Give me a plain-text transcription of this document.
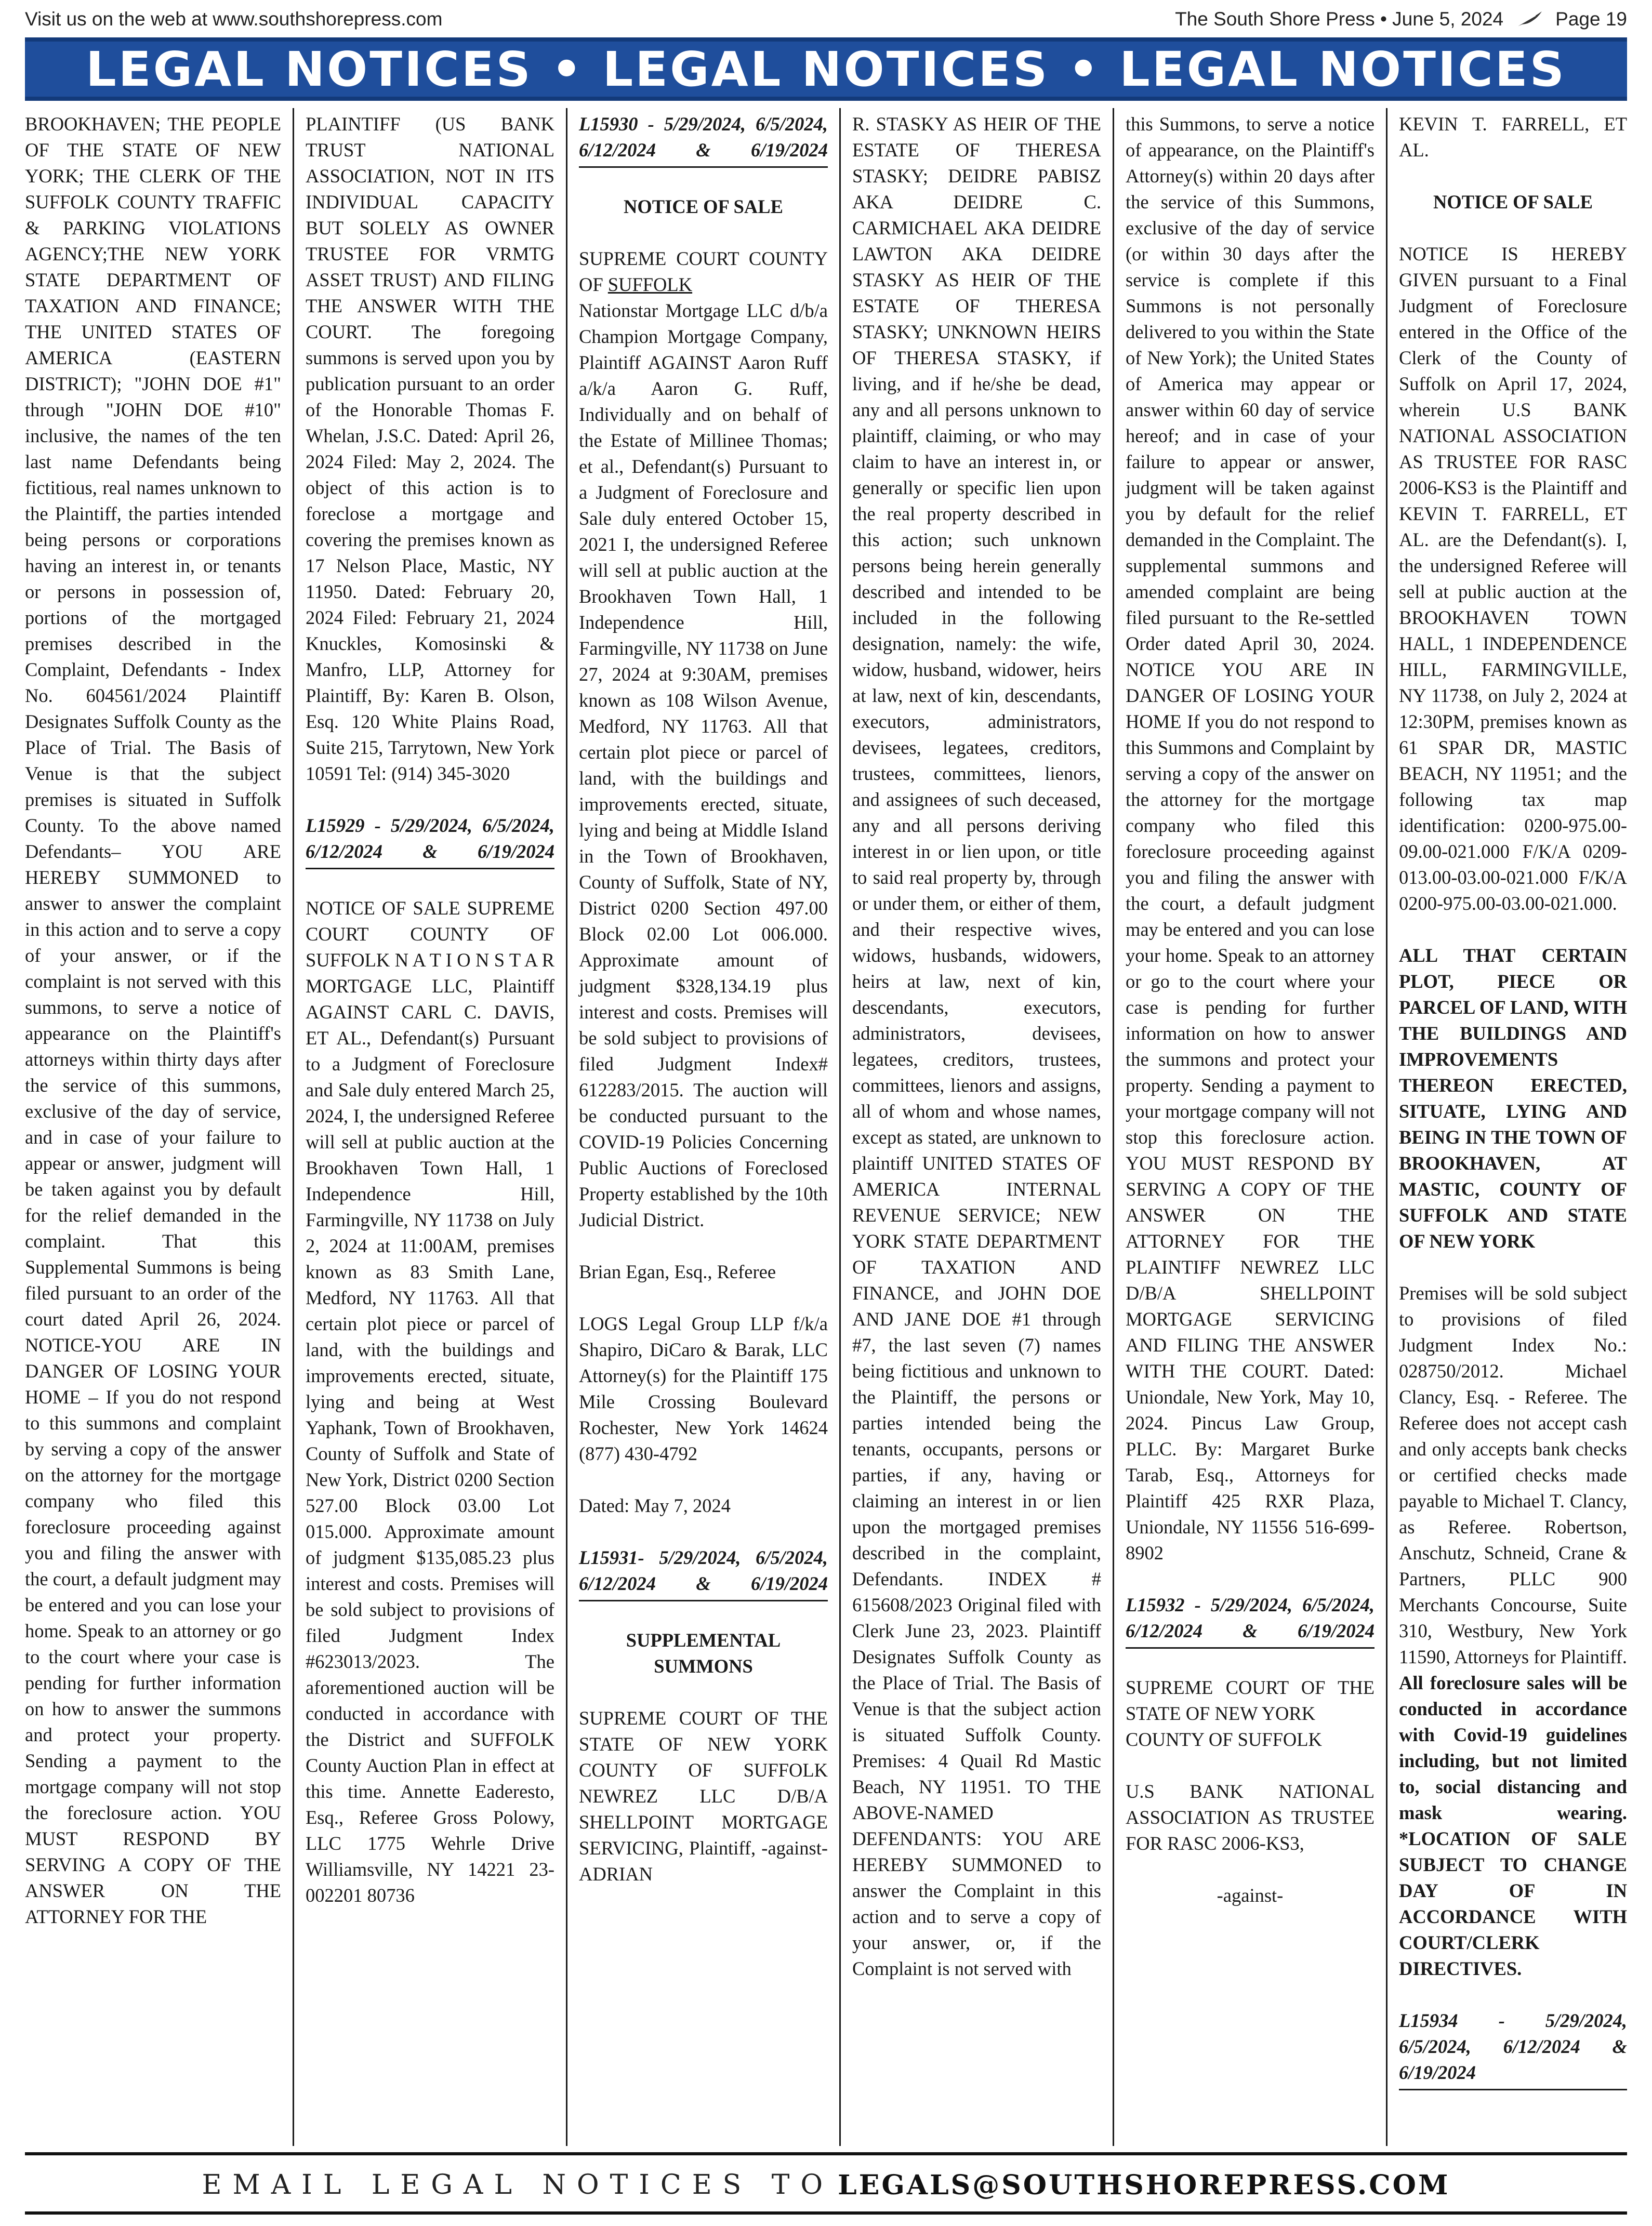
Visit us on the web at www.southshorepress.com	The South Shore Press • June 5, 2024	Page 19
LEGAL NOTICES • LEGAL NOTICES • LEGAL NOTICES

BROOKHAVEN; THE PEOPLE OF THE STATE OF NEW YORK; THE CLERK OF THE SUFFOLK COUNTY TRAFFIC & PARKING VIOLATIONS AGENCY;THE NEW YORK STATE DEPARTMENT OF TAXATION AND FINANCE; THE UNITED STATES OF AMERICA (EASTERN DISTRICT); "JOHN DOE #1" through "JOHN DOE #10" inclusive, the names of the ten last name Defendants being fictitious, real names unknown to the Plaintiff, the parties intended being persons or corporations having an interest in, or tenants or persons in possession of, portions of the mortgaged premises described in the Complaint, Defendants - Index No. 604561/2024 Plaintiff Designates Suffolk County as the Place of Trial. The Basis of Venue is that the subject premises is situated in Suffolk County. To the above named Defendants– YOU ARE HEREBY SUMMONED to answer to answer the complaint in this action and to serve a copy of your answer, or if the complaint is not served with this summons, to serve a notice of appearance on the Plaintiff's attorneys within thirty days after the service of this summons, exclusive of the day of service, and in case of your failure to appear or answer, judgment will be taken against you by default for the relief demanded in the complaint. That this Supplemental Summons is being filed pursuant to an order of the court dated April 26, 2024. NOTICE-YOU ARE IN DANGER OF LOSING YOUR HOME – If you do not respond to this summons and complaint by serving a copy of the answer on the attorney for the mortgage company who filed this foreclosure proceeding against you and filing the answer with the court, a default judgment may be entered and you can lose your home. Speak to an attorney or go to the court where your case is pending for further information on how to answer the summons and protect your property. Sending a payment to the mortgage company will not stop the foreclosure action. YOU MUST RESPOND BY SERVING A COPY OF THE ANSWER ON THE ATTORNEY FOR THE

PLAINTIFF (US BANK TRUST NATIONAL ASSOCIATION, NOT IN ITS INDIVIDUAL CAPACITY BUT SOLELY AS OWNER TRUSTEE FOR VRMTG ASSET TRUST) AND FILING THE ANSWER WITH THE COURT. The foregoing summons is served upon you by publication pursuant to an order of the Honorable Thomas F. Whelan, J.S.C. Dated: April 26, 2024 Filed: May 2, 2024. The object of this action is to foreclose a mortgage and covering the premises known as 17 Nelson Place, Mastic, NY 11950. Dated: February 20, 2024 Filed: February 21, 2024 Knuckles, Komosinski & Manfro, LLP, Attorney for Plaintiff, By: Karen B. Olson, Esq. 120 White Plains Road, Suite 215, Tarrytown, New York 10591 Tel: (914) 345-3020

L15929 - 5/29/2024, 6/5/2024, 6/12/2024 & 6/19/2024

NOTICE OF SALE SUPREME COURT COUNTY OF SUFFOLK N A T I O N S T A R MORTGAGE LLC, Plaintiff AGAINST CARL C. DAVIS, ET AL., Defendant(s) Pursuant to a Judgment of Foreclosure and Sale duly entered March 25, 2024, I, the undersigned Referee will sell at public auction at the Brookhaven Town Hall, 1 Independence Hill, Farmingville, NY 11738 on July 2, 2024 at 11:00AM, premises known as 83 Smith Lane, Medford, NY 11763. All that certain plot piece or parcel of land, with the buildings and improvements erected, situate, lying and being at West Yaphank, Town of Brookhaven, County of Suffolk and State of New York, District 0200 Section 527.00 Block 03.00 Lot 015.000. Approximate amount of judgment $135,085.23 plus interest and costs. Premises will be sold subject to provisions of filed Judgment Index #623013/2023. The aforementioned auction will be conducted in accordance with the District and SUFFOLK County Auction Plan in effect at this time. Annette Eaderesto, Esq., Referee Gross Polowy, LLC 1775 Wehrle Drive Williamsville, NY 14221 23-002201 80736

L15930 - 5/29/2024, 6/5/2024, 6/12/2024 & 6/19/2024

NOTICE OF SALE

SUPREME COURT COUNTY OF SUFFOLK

Nationstar Mortgage LLC d/b/a Champion Mortgage Company, Plaintiff AGAINST Aaron Ruff a/k/a Aaron G. Ruff, Individually and on behalf of the Estate of Millinee Thomas; et al., Defendant(s) Pursuant to a Judgment of Foreclosure and Sale duly entered October 15, 2021 I, the undersigned Referee will sell at public auction at the Brookhaven Town Hall, 1 Independence Hill, Farmingville, NY 11738 on June 27, 2024 at 9:30AM, premises known as 108 Wilson Avenue, Medford, NY 11763. All that certain plot piece or parcel of land, with the buildings and improvements erected, situate, lying and being at Middle Island in the Town of Brookhaven, County of Suffolk, State of NY, District 0200 Section 497.00 Block 02.00 Lot 006.000. Approximate amount of judgment $328,134.19 plus interest and costs. Premises will be sold subject to provisions of filed Judgment Index# 612283/2015. The auction will be conducted pursuant to the COVID-19 Policies Concerning Public Auctions of Foreclosed Property established by the 10th Judicial District.

Brian Egan, Esq., Referee

LOGS Legal Group LLP f/k/a Shapiro, DiCaro & Barak, LLC Attorney(s) for the Plaintiff 175 Mile Crossing Boulevard Rochester, New York 14624 (877) 430-4792

Dated: May 7, 2024

L15931- 5/29/2024, 6/5/2024, 6/12/2024 & 6/19/2024

SUPPLEMENTAL SUMMONS

SUPREME COURT OF THE STATE OF NEW YORK COUNTY OF SUFFOLK NEWREZ LLC D/B/A SHELLPOINT MORTGAGE SERVICING, Plaintiff, -against- ADRIAN

R. STASKY AS HEIR OF THE ESTATE OF THERESA STASKY; DEIDRE PABISZ AKA DEIDRE C. CARMICHAEL AKA DEIDRE LAWTON AKA DEIDRE STASKY AS HEIR OF THE ESTATE OF THERESA STASKY; UNKNOWN HEIRS OF THERESA STASKY, if living, and if he/she be dead, any and all persons unknown to plaintiff, claiming, or who may claim to have an interest in, or generally or specific lien upon the real property described in this action; such unknown persons being herein generally described and intended to be included in the following designation, namely: the wife, widow, husband, widower, heirs at law, next of kin, descendants, executors, administrators, devisees, legatees, creditors, trustees, committees, lienors, and assignees of such deceased, any and all persons deriving interest in or lien upon, or title to said real property by, through or under them, or either of them, and their respective wives, widows, husbands, widowers, heirs at law, next of kin, descendants, executors, administrators, devisees, legatees, creditors, trustees, committees, lienors and assigns, all of whom and whose names, except as stated, are unknown to plaintiff UNITED STATES OF AMERICA INTERNAL REVENUE SERVICE; NEW YORK STATE DEPARTMENT OF TAXATION AND FINANCE, and JOHN DOE AND JANE DOE #1 through #7, the last seven (7) names being fictitious and unknown to the Plaintiff, the persons or parties intended being the tenants, occupants, persons or parties, if any, having or claiming an interest in or lien upon the mortgaged premises described in the complaint, Defendants. INDEX # 615608/2023 Original filed with Clerk June 23, 2023. Plaintiff Designates Suffolk County as the Place of Trial. The Basis of Venue is that the subject action is situated Suffolk County. Premises: 4 Quail Rd Mastic Beach, NY 11951. TO THE ABOVE-NAMED DEFENDANTS: YOU ARE HEREBY SUMMONED to answer the Complaint in this action and to serve a copy of your answer, or, if the Complaint is not served with

this Summons, to serve a notice of appearance, on the Plaintiff's Attorney(s) within 20 days after the service of this Summons, exclusive of the day of service (or within 30 days after the service is complete if this Summons is not personally delivered to you within the State of New York); the United States of America may appear or answer within 60 day of service hereof; and in case of your failure to appear or answer, judgment will be taken against you by default for the relief demanded in the Complaint. The supplemental summons and amended complaint are being filed pursuant to the Re-settled Order dated April 30, 2024. NOTICE YOU ARE IN DANGER OF LOSING YOUR HOME If you do not respond to this Summons and Complaint by serving a copy of the answer on the attorney for the mortgage company who filed this foreclosure proceeding against you and filing the answer with the court, a default judgment may be entered and you can lose your home. Speak to an attorney or go to the court where your case is pending for further information on how to answer the summons and protect your property. Sending a payment to your mortgage company will not stop this foreclosure action. YOU MUST RESPOND BY SERVING A COPY OF THE ANSWER ON THE ATTORNEY FOR THE PLAINTIFF NEWREZ LLC D/B/A SHELLPOINT MORTGAGE SERVICING AND FILING THE ANSWER WITH THE COURT. Dated: Uniondale, New York, May 10, 2024. Pincus Law Group, PLLC. By: Margaret Burke Tarab, Esq., Attorneys for Plaintiff 425 RXR Plaza, Uniondale, NY 11556 516-699-8902

L15932 - 5/29/2024, 6/5/2024, 6/12/2024 & 6/19/2024

SUPREME COURT OF THE STATE OF NEW YORK

COUNTY OF SUFFOLK

U.S BANK NATIONAL ASSOCIATION AS TRUSTEE FOR RASC 2006-KS3,

-against-

KEVIN T. FARRELL, ET AL.

NOTICE OF SALE

NOTICE IS HEREBY GIVEN pursuant to a Final Judgment of Foreclosure entered in the Office of the Clerk of the County of Suffolk on April 17, 2024, wherein U.S BANK NATIONAL ASSOCIATION AS TRUSTEE FOR RASC 2006-KS3 is the Plaintiff and KEVIN T. FARRELL, ET AL. are the Defendant(s). I, the undersigned Referee will sell at public auction at the BROOKHAVEN TOWN HALL, 1 INDEPENDENCE HILL, FARMINGVILLE, NY 11738, on July 2, 2024 at 12:30PM, premises known as 61 SPAR DR, MASTIC BEACH, NY 11951; and the following tax map identification: 0200-975.00-09.00-021.000 F/K/A 0209-013.00-03.00-021.000 F/K/A 0200-975.00-03.00-021.000.

ALL THAT CERTAIN PLOT, PIECE OR PARCEL OF LAND, WITH THE BUILDINGS AND IMPROVEMENTS THEREON ERECTED, SITUATE, LYING AND BEING IN THE TOWN OF BROOKHAVEN, AT MASTIC, COUNTY OF SUFFOLK AND STATE OF NEW YORK

Premises will be sold subject to provisions of filed Judgment Index No.: 028750/2012. Michael Clancy, Esq. - Referee. The Referee does not accept cash and only accepts bank checks or certified checks made payable to Michael T. Clancy, as Referee. Robertson, Anschutz, Schneid, Crane & Partners, PLLC 900 Merchants Concourse, Suite 310, Westbury, New York 11590, Attorneys for Plaintiff. All foreclosure sales will be conducted in accordance with Covid-19 guidelines including, but not limited to, social distancing and mask wearing. *LOCATION OF SALE SUBJECT TO CHANGE DAY OF IN ACCORDANCE WITH COURT/CLERK DIRECTIVES.

L15934 - 5/29/2024, 6/5/2024, 6/12/2024 & 6/19/2024

EMAIL LEGAL NOTICES TO LEGALS@SOUTHSHOREPRESS.COM
